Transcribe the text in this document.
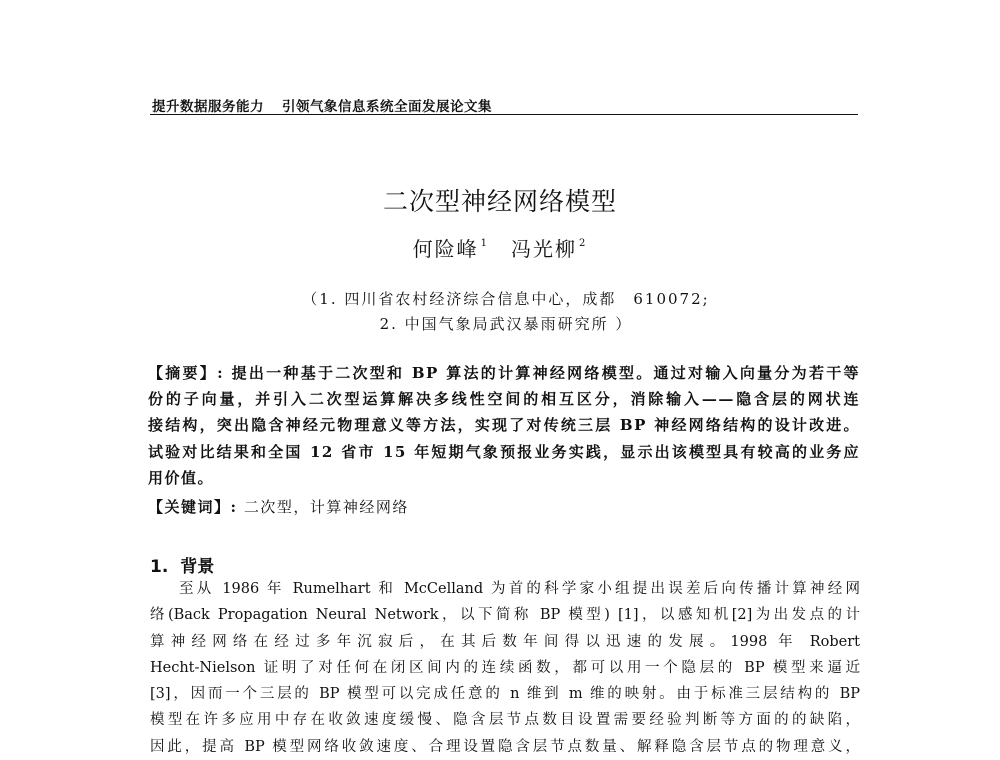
提升数据服务能力 引领气象信息系统全面发展论文集
二次型神经网络模型
何险峰 $^1$ 冯光柳 $^2$
（1. 四川省农村经济综合信息中心，成都　610072;
2. 中国气象局武汉暴雨研究所 ）
【摘要】: 提出一种基于二次型和 BP 算法的计算神经网络模型。通过对输入向量分为若干等
份的子向量，并引入二次型运算解决多线性空间的相互区分，消除输入——隐含层的网状连
接结构，突出隐含神经元物理意义等方法，实现了对传统三层 BP 神经网络结构的设计改进。
试验对比结果和全国 12 省市 15 年短期气象预报业务实践，显示出该模型具有较高的业务应
用价值。
【关键词】: 二次型，计算神经网络
1. 背景
至从 1986 年 Rumelhart 和 McCelland 为首的科学家小组提出误差后向传播计算神经网
络(Back Propagation Neural Network，以下简称 BP 模型) [1]，以感知机[2]为出发点的计
算神经网络在经过多年沉寂后，在其后数年间得以迅速的发展。1998 年 Robert
Hecht-Nielson 证明了对任何在闭区间内的连续函数，都可以用一个隐层的 BP 模型来逼近
[3]，因而一个三层的 BP 模型可以完成任意的 n 维到 m 维的映射。由于标准三层结构的 BP
模型在许多应用中存在收敛速度缓慢、隐含层节点数目设置需要经验判断等方面的的缺陷，
因此，提高 BP 模型网络收敛速度、合理设置隐含层节点数量、解释隐含层节点的物理意义，
